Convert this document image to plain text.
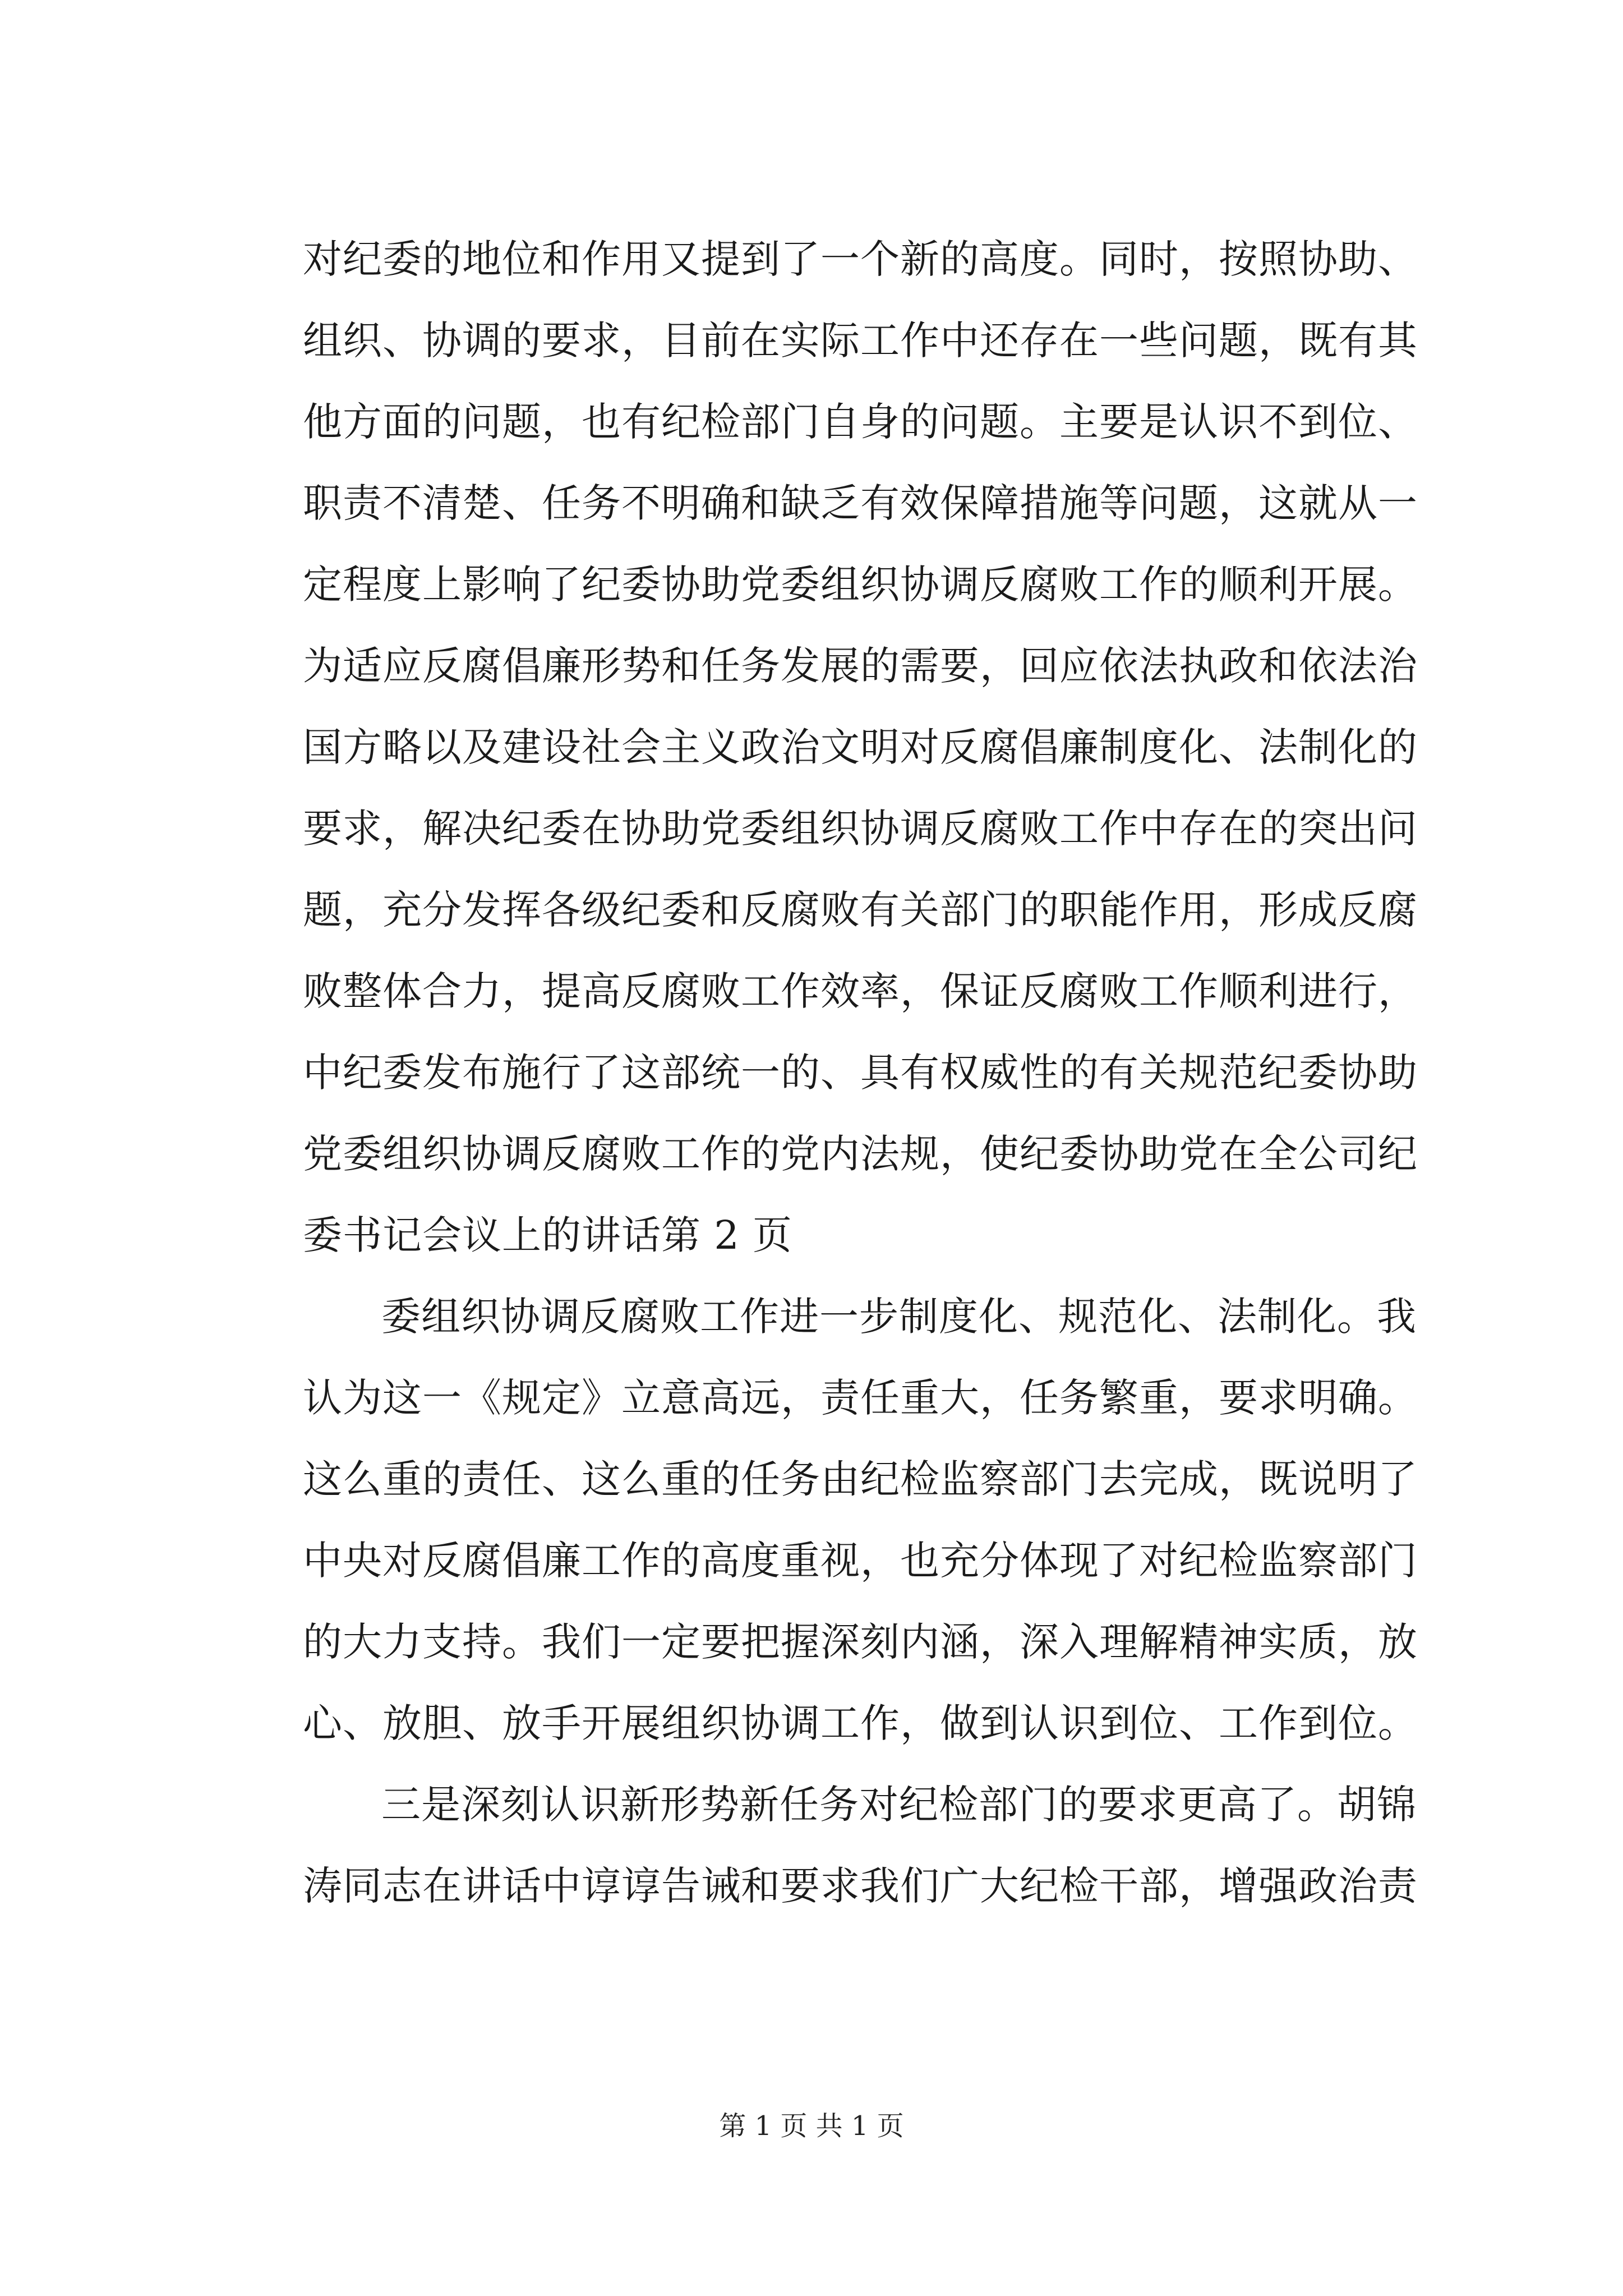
对纪委的地位和作用又提到了一个新的高度。同时，按照协助、
组织、协调的要求，目前在实际工作中还存在一些问题，既有其
他方面的问题，也有纪检部门自身的问题。主要是认识不到位、
职责不清楚、任务不明确和缺乏有效保障措施等问题，这就从一
定程度上影响了纪委协助党委组织协调反腐败工作的顺利开展。
为适应反腐倡廉形势和任务发展的需要，回应依法执政和依法治
国方略以及建设社会主义政治文明对反腐倡廉制度化、法制化的
要求，解决纪委在协助党委组织协调反腐败工作中存在的突出问
题，充分发挥各级纪委和反腐败有关部门的职能作用，形成反腐
败整体合力，提高反腐败工作效率，保证反腐败工作顺利进行，
中纪委发布施行了这部统一的、具有权威性的有关规范纪委协助
党委组织协调反腐败工作的党内法规，使纪委协助党在全公司纪
委书记会议上的讲话第 2 页
委组织协调反腐败工作进一步制度化、规范化、法制化。我
认为这一《规定》立意高远，责任重大，任务繁重，要求明确。
这么重的责任、这么重的任务由纪检监察部门去完成，既说明了
中央对反腐倡廉工作的高度重视，也充分体现了对纪检监察部门
的大力支持。我们一定要把握深刻内涵，深入理解精神实质，放
心、放胆、放手开展组织协调工作，做到认识到位、工作到位。
三是深刻认识新形势新任务对纪检部门的要求更高了。胡锦
涛同志在讲话中谆谆告诫和要求我们广大纪检干部，增强政治责
第 1 页 共 1 页
